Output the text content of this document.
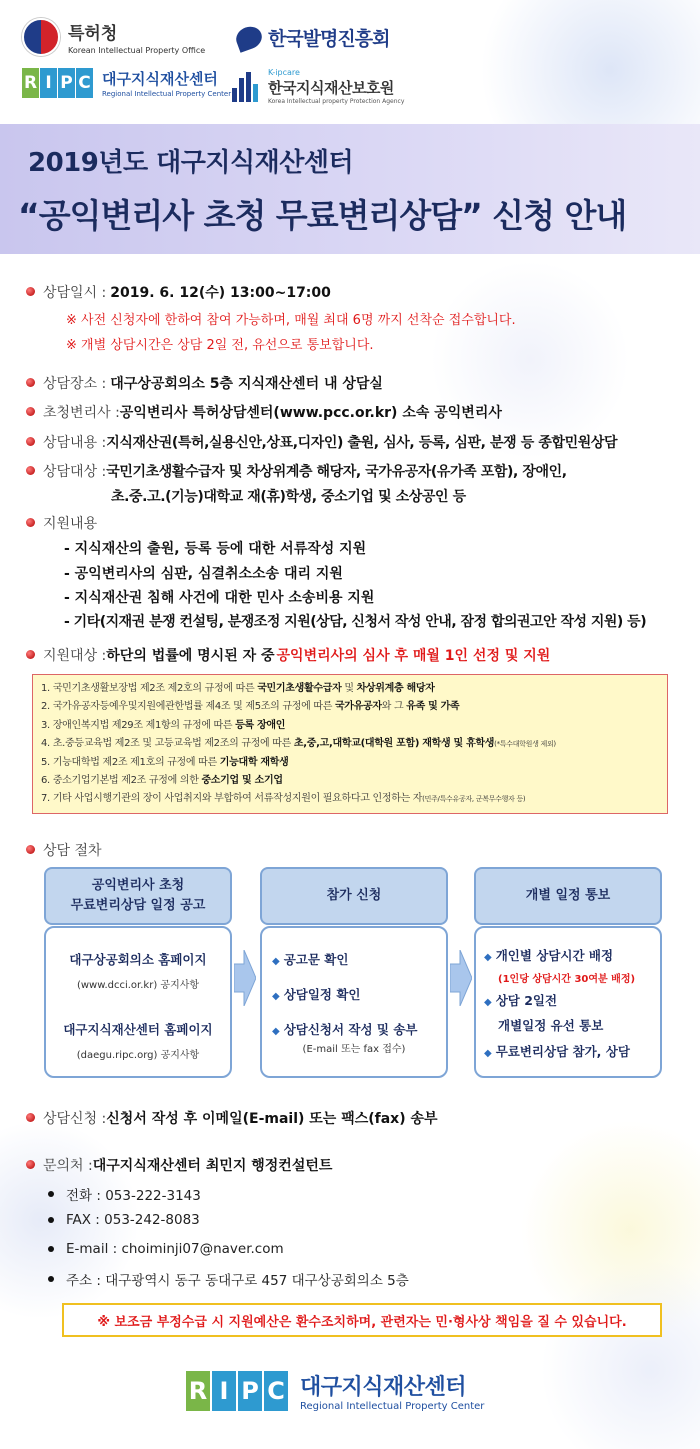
특허청
Korean Intellectual Property Office
한국발명진흥회
R I P C 대구지식재산센터
Regional Intellectual Property Center
K-ipcare
한국지식재산보호원
Korea Intellectual property Protection Agency
2019년도 대구지식재산센터
“공익변리사 초청 무료변리상담” 신청 안내
상담일시 : 2019. 6. 12(수) 13:00~17:00
※ 사전 신청자에 한하여 참여 가능하며, 매월 최대 6명 까지 선착순 접수합니다.
※ 개별 상담시간은 상담 2일 전, 유선으로 통보합니다.
상담장소 : 대구상공회의소 5층 지식재산센터 내 상담실
초청변리사 : 공익변리사 특허상담센터(www.pcc.or.kr) 소속 공익변리사
상담내용 : 지식재산권(특허,실용신안,상표,디자인) 출원, 심사, 등록, 심판, 분쟁 등 종합민원상담
상담대상 : 국민기초생활수급자 및 차상위계층 해당자, 국가유공자(유가족 포함), 장애인,
초.중.고.(기능)대학교 재(휴)학생, 중소기업 및 소상공인 등
지원내용
- 지식재산의 출원, 등록 등에 대한 서류작성 지원
- 공익변리사의 심판, 심결취소소송 대리 지원
- 지식재산권 침해 사건에 대한 민사 소송비용 지원
- 기타(지재권 분쟁 컨설팅, 분쟁조정 지원(상담, 신청서 작성 안내, 잠정 합의권고안 작성 지원) 등)
지원대상 : 하단의 법률에 명시된 자 중 공익변리사의 심사 후 매월 1인 선정 및 지원
1. 국민기초생활보장법 제2조 제2호의 규정에 따른 국민기초생활수급자 및 차상위계층 해당자
2. 국가유공자등예우및지원에관한법률 제4조 및 제5조의 규정에 따른 국가유공자와 그 유족 및 가족
3. 장애인복지법 제29조 제1항의 규정에 따른 등록 장애인
4. 초.중등교육법 제2조 및 고등교육법 제2조의 규정에 따른 초,중,고,대학교(대학원 포함) 재학생 및 휴학생(*특수대학원생 제외)
5. 기능대학법 제2조 제1호의 규정에 따른 기능대학 재학생
6. 중소기업기본법 제2조 규정에 의한 중소기업 및 소기업
7. 기타 사업시행기관의 장이 사업취지와 부합하여 서류작성지원이 필요하다고 인정하는 자(민주/특수유공자, 군복무수행자 등)
상담 절차
공익변리사 초청
무료변리상담 일정 공고
참가 신청	개별 일정 통보
대구상공회의소 홈페이지
(www.dcci.or.kr) 공지사항
대구지식재산센터 홈페이지
(daegu.ripc.org) 공지사항
◆ 공고문 확인
◆ 상담일정 확인
◆ 상담신청서 작성 및 송부
(E-mail 또는 fax 접수)
◆ 개인별 상담시간 배정
(1인당 상담시간 30여분 배정)
◆ 상담 2일전
개별일정 유선 통보
◆ 무료변리상담 참가, 상담
상담신청 : 신청서 작성 후 이메일(E-mail) 또는 팩스(fax) 송부
문의처 : 대구지식재산센터 최민지 행정컨설턴트
전화 : 053-222-3143
FAX : 053-242-8083
E-mail : choiminji07@naver.com
주소 : 대구광역시 동구 동대구로 457 대구상공회의소 5층
※ 보조금 부정수급 시 지원예산은 환수조치하며, 관련자는 민·형사상 책임을 질 수 있습니다.
R I P C 대구지식재산센터
Regional Intellectual Property Center
